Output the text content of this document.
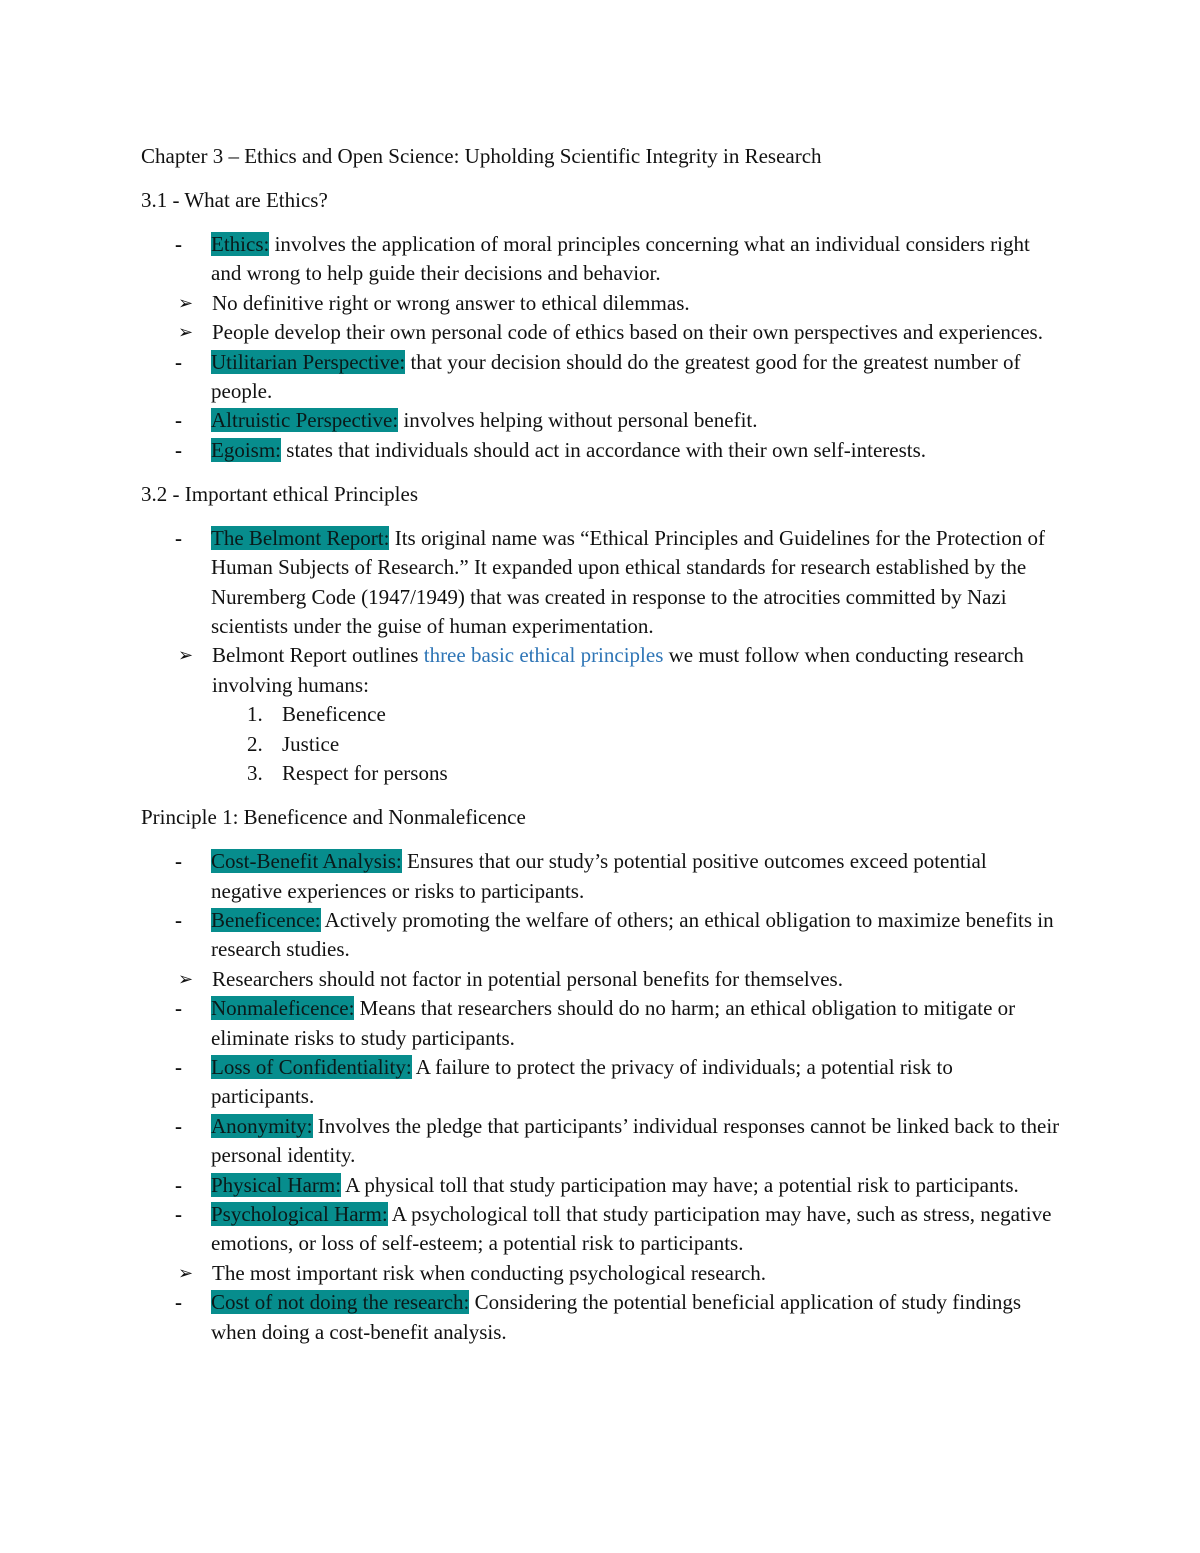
Chapter 3 – Ethics and Open Science: Upholding Scientific Integrity in Research

3.1 - What are Ethics?

- Ethics: involves the application of moral principles concerning what an individual considers right and wrong to help guide their decisions and behavior.
➢ No definitive right or wrong answer to ethical dilemmas.
➢ People develop their own personal code of ethics based on their own perspectives and experiences.
- Utilitarian Perspective: that your decision should do the greatest good for the greatest number of people.
- Altruistic Perspective: involves helping without personal benefit.
- Egoism: states that individuals should act in accordance with their own self-interests.

3.2 - Important ethical Principles

- The Belmont Report: Its original name was “Ethical Principles and Guidelines for the Protection of Human Subjects of Research.” It expanded upon ethical standards for research established by the Nuremberg Code (1947/1949) that was created in response to the atrocities committed by Nazi scientists under the guise of human experimentation.
➢ Belmont Report outlines three basic ethical principles we must follow when conducting research involving humans:
1. Beneficence
2. Justice
3. Respect for persons

Principle 1: Beneficence and Nonmaleficence

- Cost-Benefit Analysis: Ensures that our study’s potential positive outcomes exceed potential negative experiences or risks to participants.
- Beneficence: Actively promoting the welfare of others; an ethical obligation to maximize benefits in research studies.
➢ Researchers should not factor in potential personal benefits for themselves.
- Nonmaleficence: Means that researchers should do no harm; an ethical obligation to mitigate or eliminate risks to study participants.
- Loss of Confidentiality: A failure to protect the privacy of individuals; a potential risk to participants.
- Anonymity: Involves the pledge that participants’ individual responses cannot be linked back to their personal identity.
- Physical Harm: A physical toll that study participation may have; a potential risk to participants.
- Psychological Harm: A psychological toll that study participation may have, such as stress, negative emotions, or loss of self-esteem; a potential risk to participants.
➢ The most important risk when conducting psychological research.
- Cost of not doing the research: Considering the potential beneficial application of study findings when doing a cost-benefit analysis.
